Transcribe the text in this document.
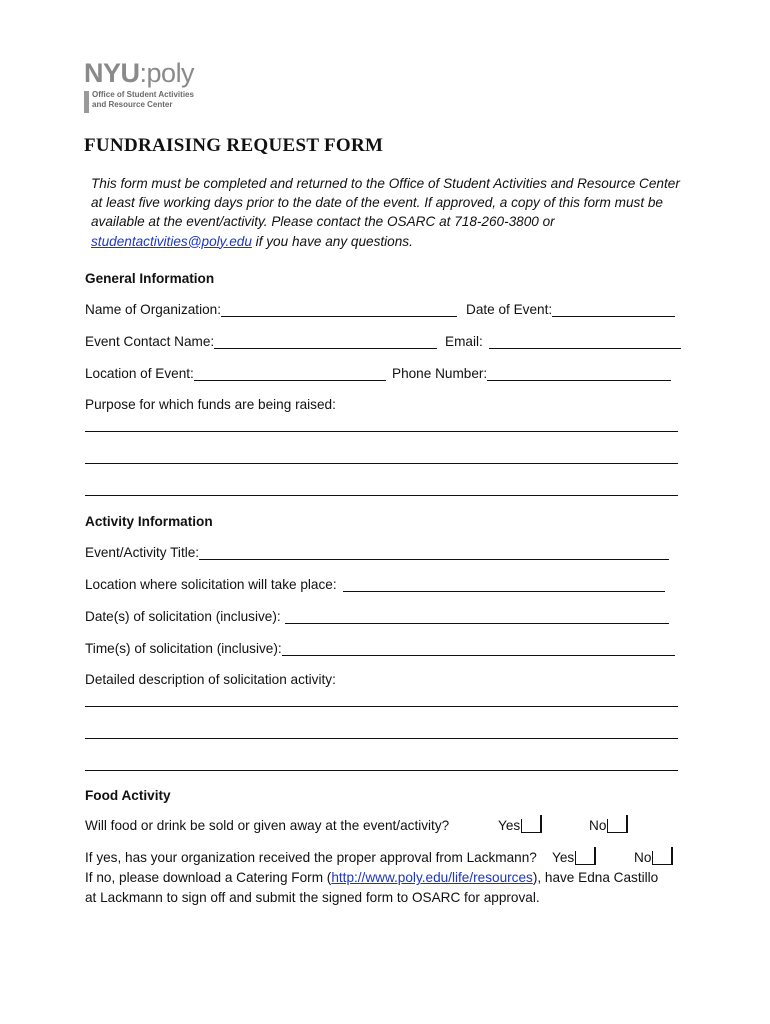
NYU:poly
Office of Student Activities
and Resource Center
FUNDRAISING REQUEST FORM
This form must be completed and returned to the Office of Student Activities and Resource Center at least five working days prior to the date of the event. If approved, a copy of this form must be available at the event/activity. Please contact the OSARC at 718-260-3800 or studentactivities@poly.edu if you have any questions.
General Information
Name of Organization:	Date of Event:
Event Contact Name:	Email:
Location of Event:	Phone Number:
Purpose for which funds are being raised:
Activity Information
Event/Activity Title:
Location where solicitation will take place:
Date(s) of solicitation (inclusive):
Time(s) of solicitation (inclusive):
Detailed description of solicitation activity:
Food Activity
Will food or drink be sold or given away at the event/activity?	Yes	No
If yes, has your organization received the proper approval from Lackmann? Yes	No
If no, please download a Catering Form (http://www.poly.edu/life/resources), have Edna Castillo
at Lackmann to sign off and submit the signed form to OSARC for approval.
